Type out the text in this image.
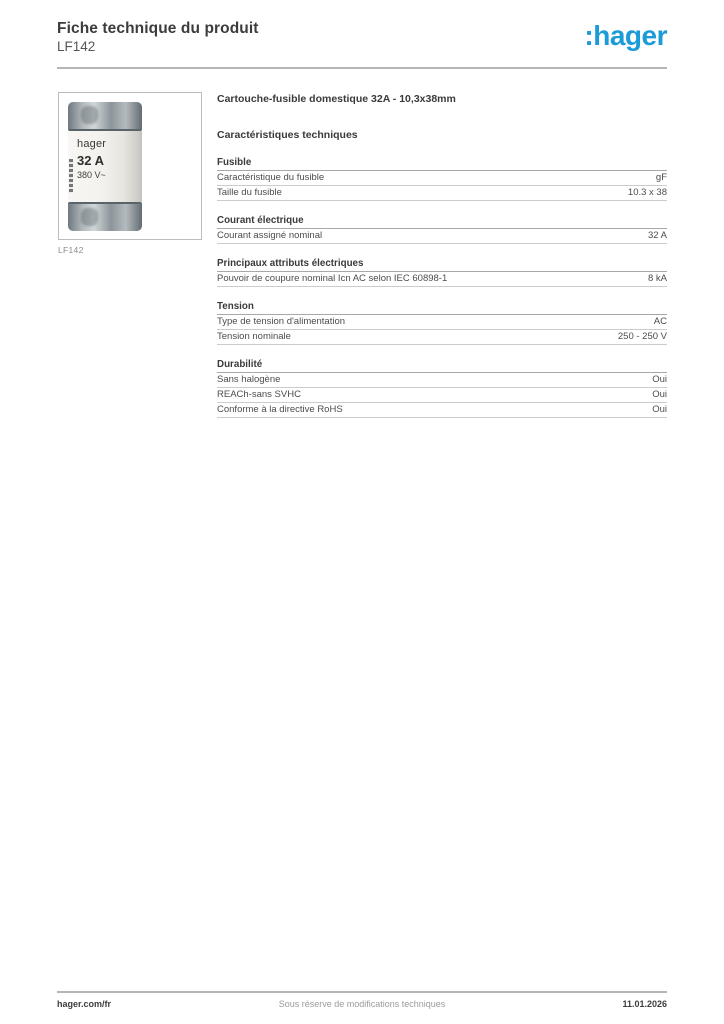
Fiche technique du produit
LF142	:hager
hager
32 A
380 V~
LF142
Cartouche-fusible domestique 32A - 10,3x38mm
Caractéristiques techniques
Fusible
Caractéristique du fusible	gF
Taille du fusible	10.3 x 38
Courant électrique
Courant assigné nominal	32 A
Principaux attributs électriques
Pouvoir de coupure nominal Icn AC selon IEC 60898-1	8 kA
Tension
Type de tension d'alimentation	AC
Tension nominale	250 - 250 V
Durabilité
Sans halogène	Oui
REACh-sans SVHC	Oui
Conforme à la directive RoHS	Oui
hager.com/fr	Sous réserve de modifications techniques	11.01.2026
